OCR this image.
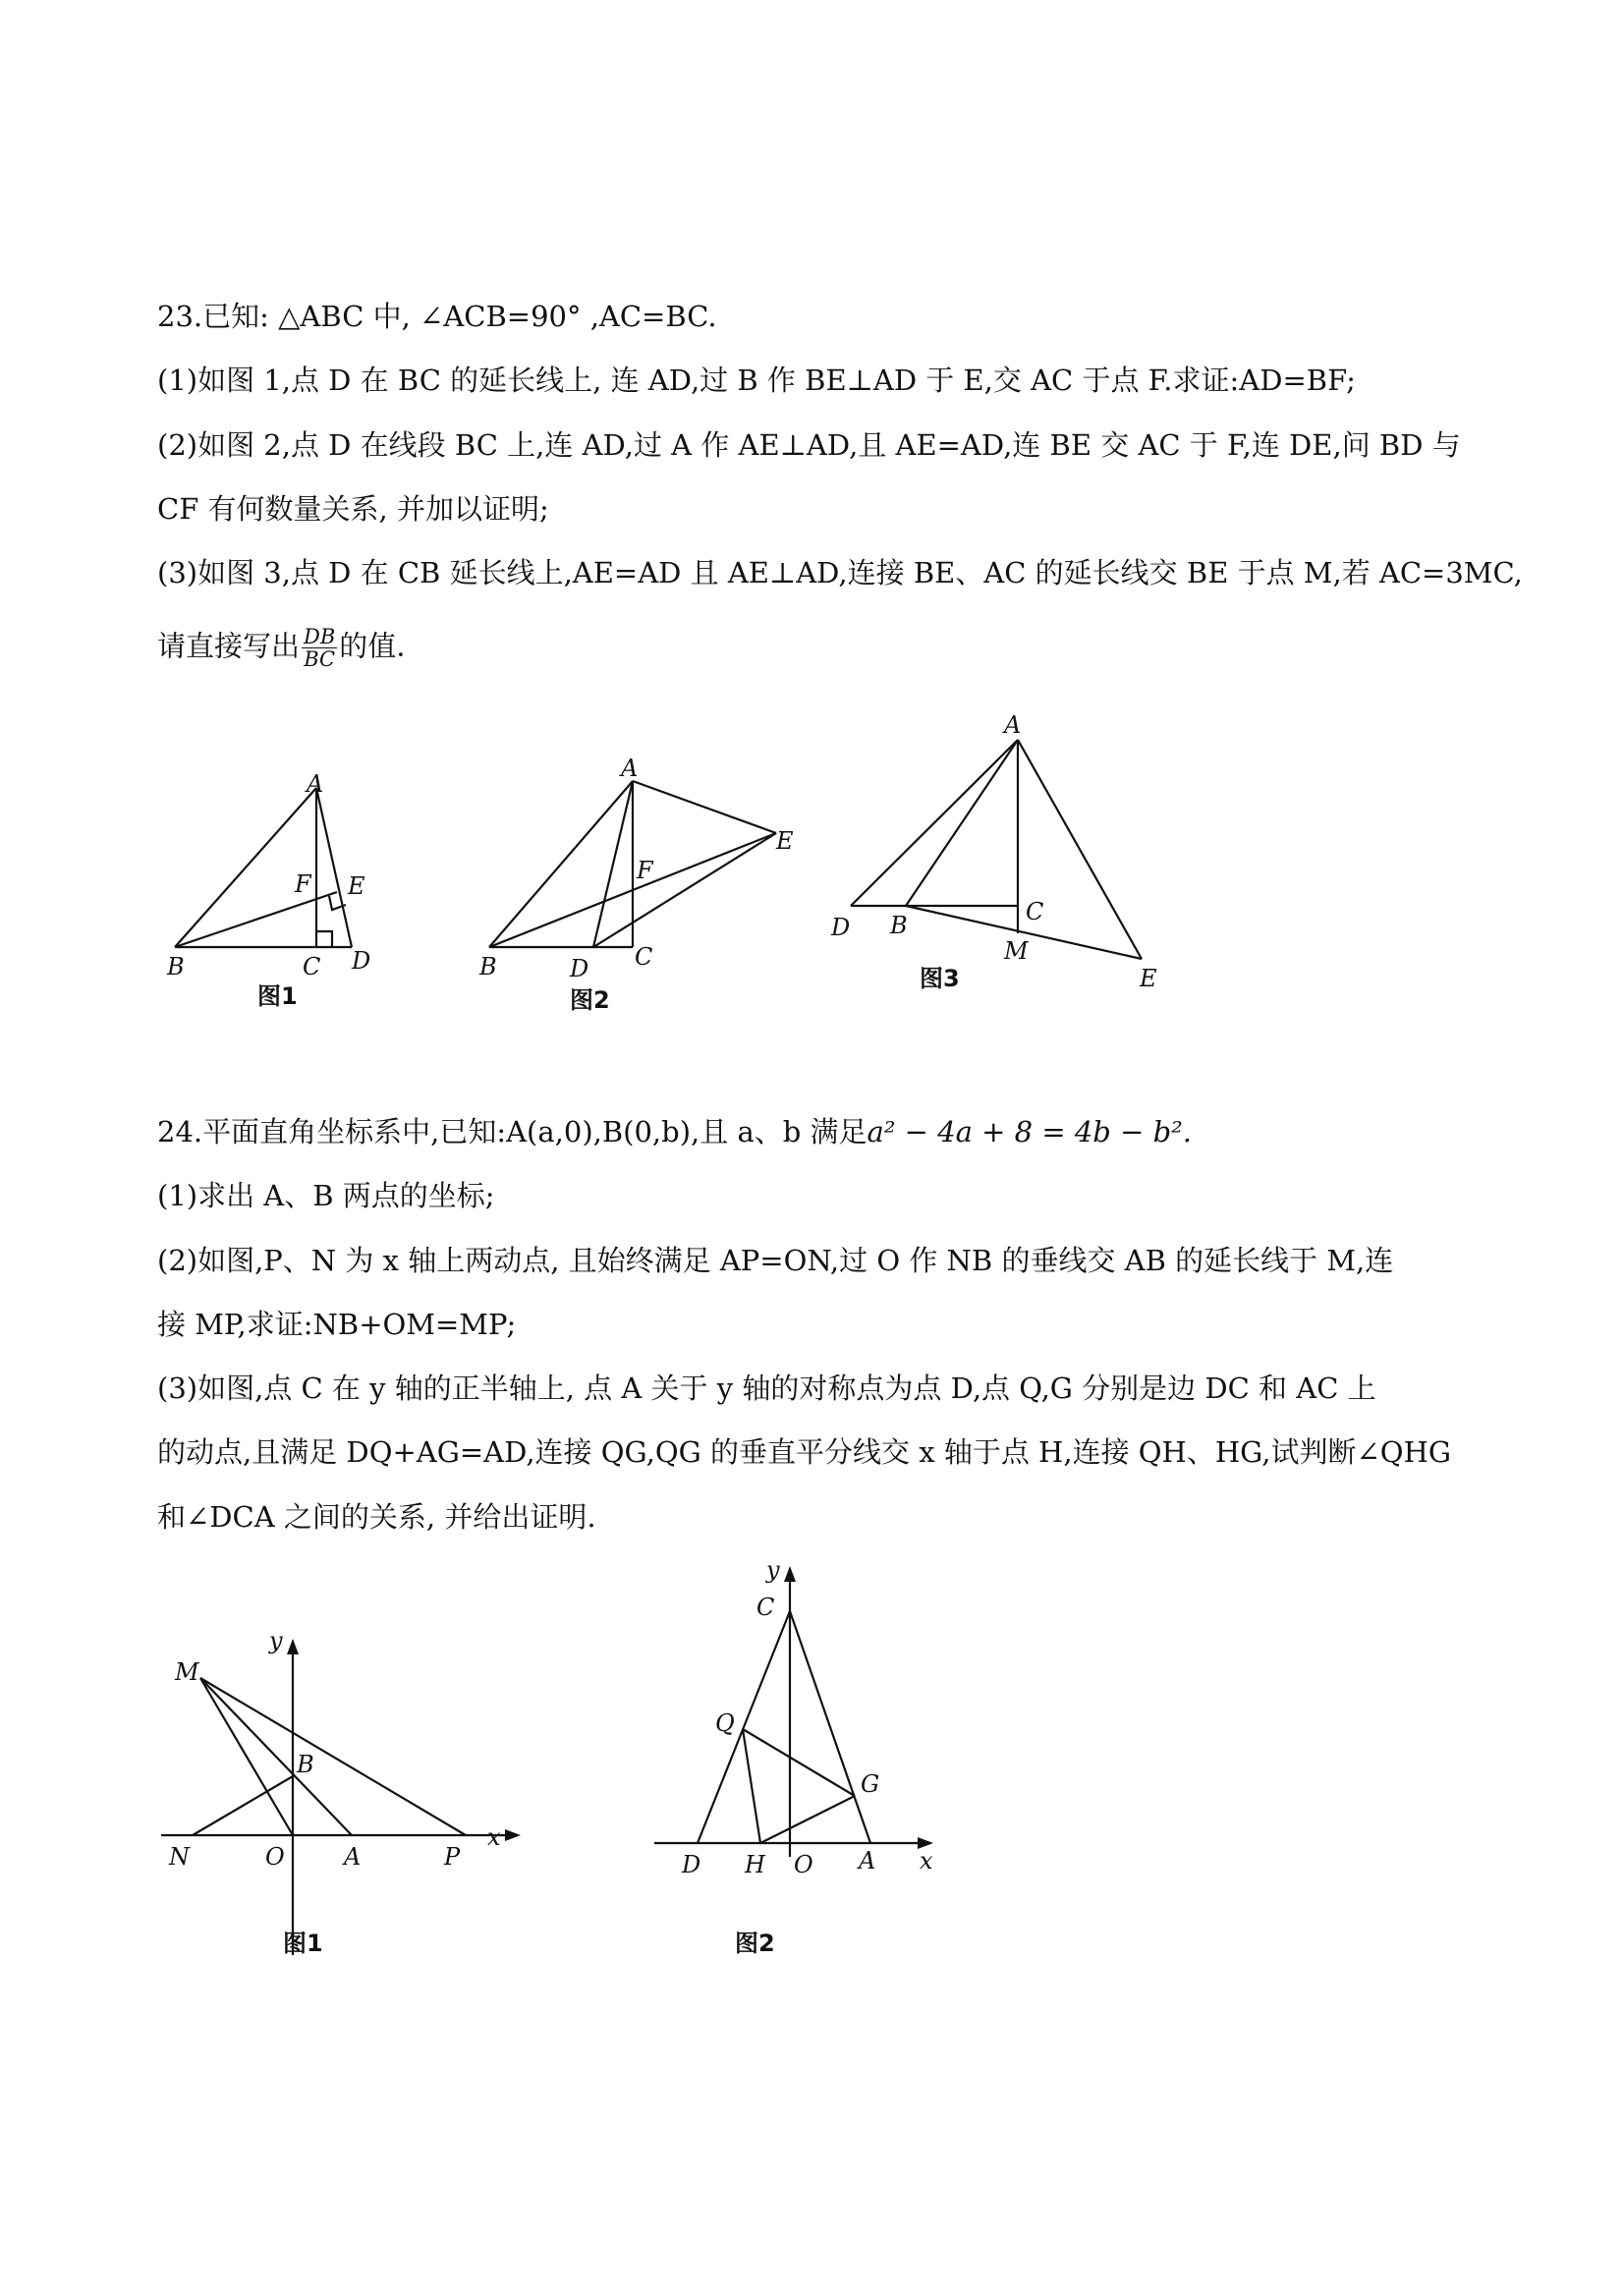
23.已知: △ABC 中, ∠ACB=90° ,AC=BC.
(1)如图 1,点 D 在 BC 的延长线上, 连 AD,过 B 作 BE⊥AD 于 E,交 AC 于点 F.求证:AD=BF;
(2)如图 2,点 D 在线段 BC 上,连 AD,过 A 作 AE⊥AD,且 AE=AD,连 BE 交 AC 于 F,连 DE,问 BD 与
CF 有何数量关系, 并加以证明;
(3)如图 3,点 D 在 CB 延长线上,AE=AD 且 AE⊥AD,连接 BE、AC 的延长线交 BE 于点 M,若 AC=3MC,
请直接写出 $\frac{DB}{BC}$ 的值.
A
B	C D
E
F
图1
A
B	C
D
E
F
图2
A
B	C
D
E
M
图3
24.平面直角坐标系中,已知:A(a,0),B(0,b),且 a、b 满足a² − 4a + 8 = 4b − b².
(1)求出 A、B 两点的坐标;
(2)如图,P、N 为 x 轴上两动点, 且始终满足 AP=ON,过 O 作 NB 的垂线交 AB 的延长线于 M,连
接 MP,求证:NB+OM=MP;
(3)如图,点 C 在 y 轴的正半轴上, 点 A 关于 y 轴的对称点为点 D,点 Q,G 分别是边 DC 和 AC 上
的动点,且满足 DQ+AG=AD,连接 QG,QG 的垂直平分线交 x 轴于点 H,连接 QH、HG,试判断∠QHG
和∠DCA 之间的关系, 并给出证明.
M
B
N	O	A	P
x
y
图1
C
Q
G
D H O A x
y
图2
